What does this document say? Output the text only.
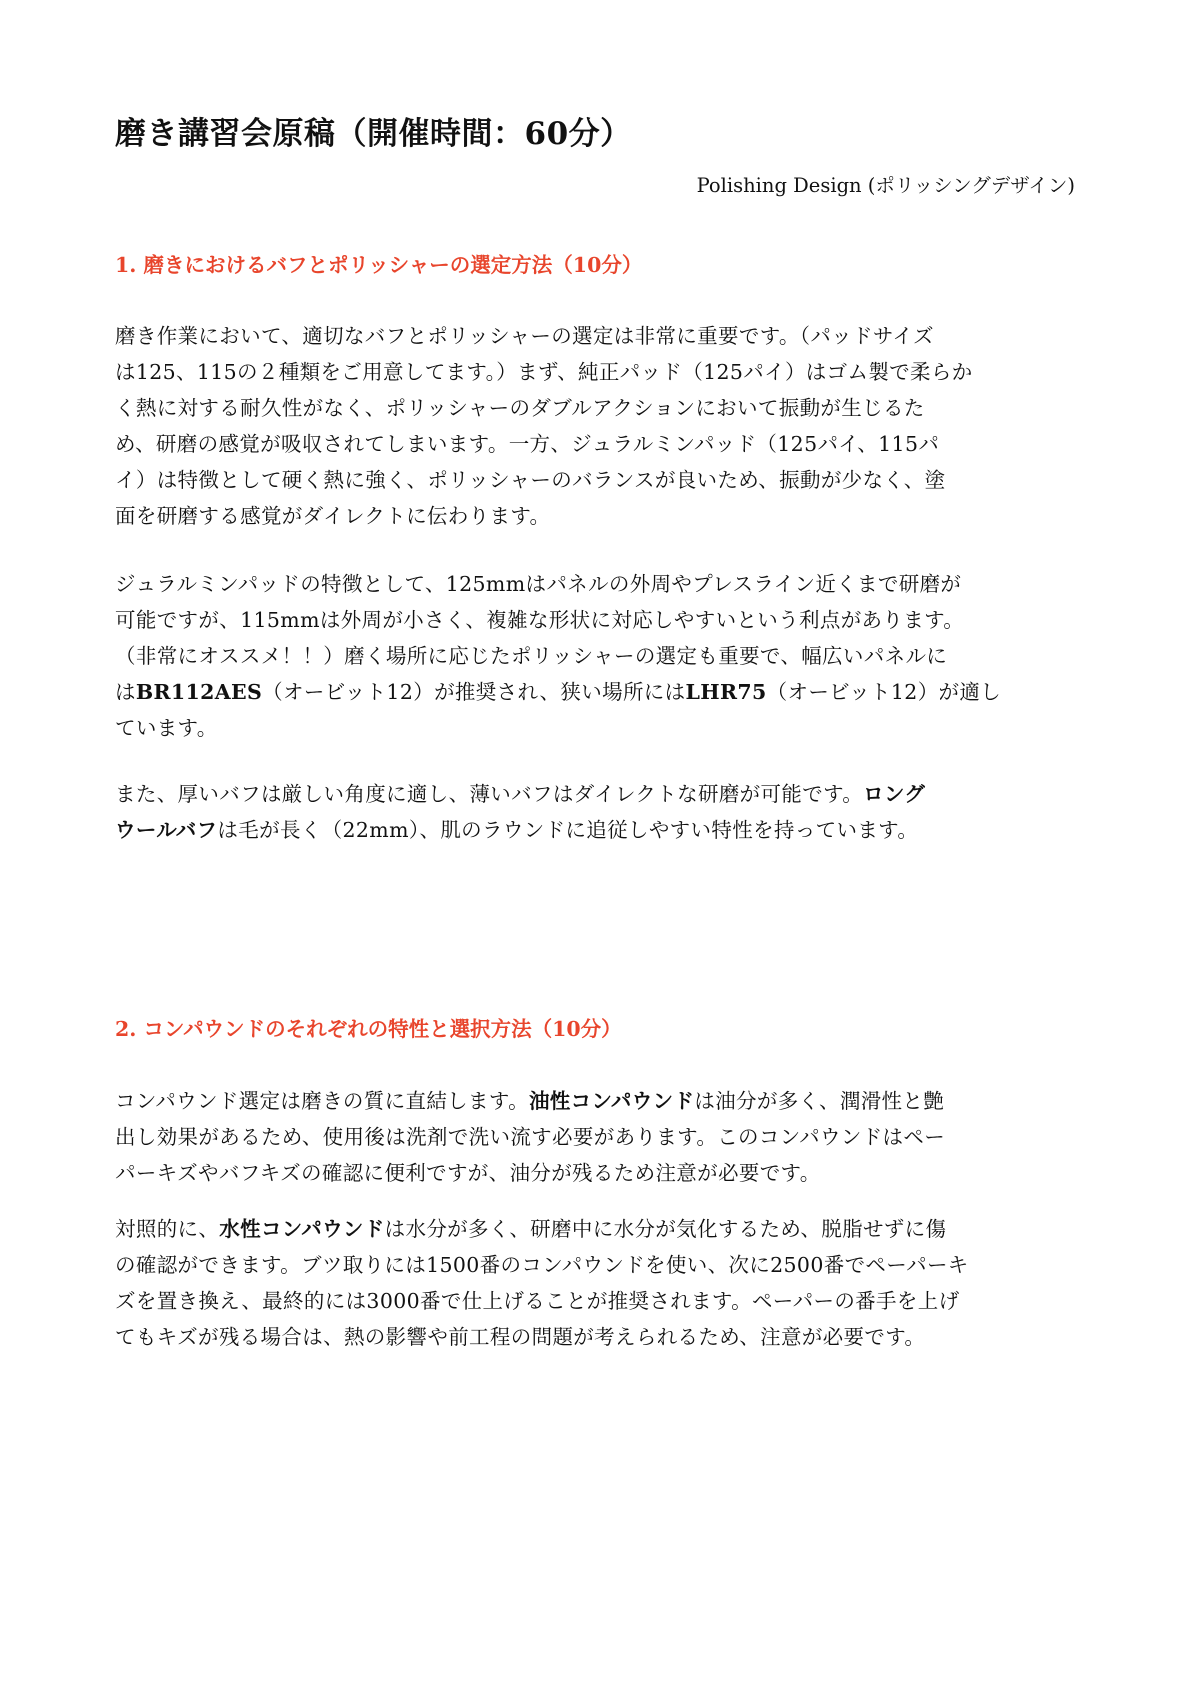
磨き講習会原稿（開催時間：60分）

Polishing Design (ポリッシングデザイン)

1. 磨きにおけるバフとポリッシャーの選定方法（10分）
磨き作業において、適切なバフとポリッシャーの選定は非常に重要です。（パッドサイズ
は125、115の２種類をご用意してます。）まず、純正パッド（125パイ）はゴム製で柔らか
く熱に対する耐久性がなく、ポリッシャーのダブルアクションにおいて振動が生じるた
め、研磨の感覚が吸収されてしまいます。一方、ジュラルミンパッド（125パイ、115パ
イ）は特徴として硬く熱に強く、ポリッシャーのバランスが良いため、振動が少なく、塗
面を研磨する感覚がダイレクトに伝わります。
ジュラルミンパッドの特徴として、125mmはパネルの外周やプレスライン近くまで研磨が
可能ですが、115mmは外周が小さく、複雑な形状に対応しやすいという利点があります。
（非常にオススメ！！）磨く場所に応じたポリッシャーの選定も重要で、幅広いパネルに
はBR112AES（オービット12）が推奨され、狭い場所にはLHR75（オービット12）が適し
ています。
また、厚いバフは厳しい角度に適し、薄いバフはダイレクトな研磨が可能です。ロング
ウールバフは毛が長く（22mm）、肌のラウンドに追従しやすい特性を持っています。
2. コンパウンドのそれぞれの特性と選択方法（10分）
コンパウンド選定は磨きの質に直結します。油性コンパウンドは油分が多く、潤滑性と艶
出し効果があるため、使用後は洗剤で洗い流す必要があります。このコンパウンドはペー
パーキズやバフキズの確認に便利ですが、油分が残るため注意が必要です。
対照的に、水性コンパウンドは水分が多く、研磨中に水分が気化するため、脱脂せずに傷
の確認ができます。ブツ取りには1500番のコンパウンドを使い、次に2500番でペーパーキ
ズを置き換え、最終的には3000番で仕上げることが推奨されます。ペーパーの番手を上げ
てもキズが残る場合は、熱の影響や前工程の問題が考えられるため、注意が必要です。
